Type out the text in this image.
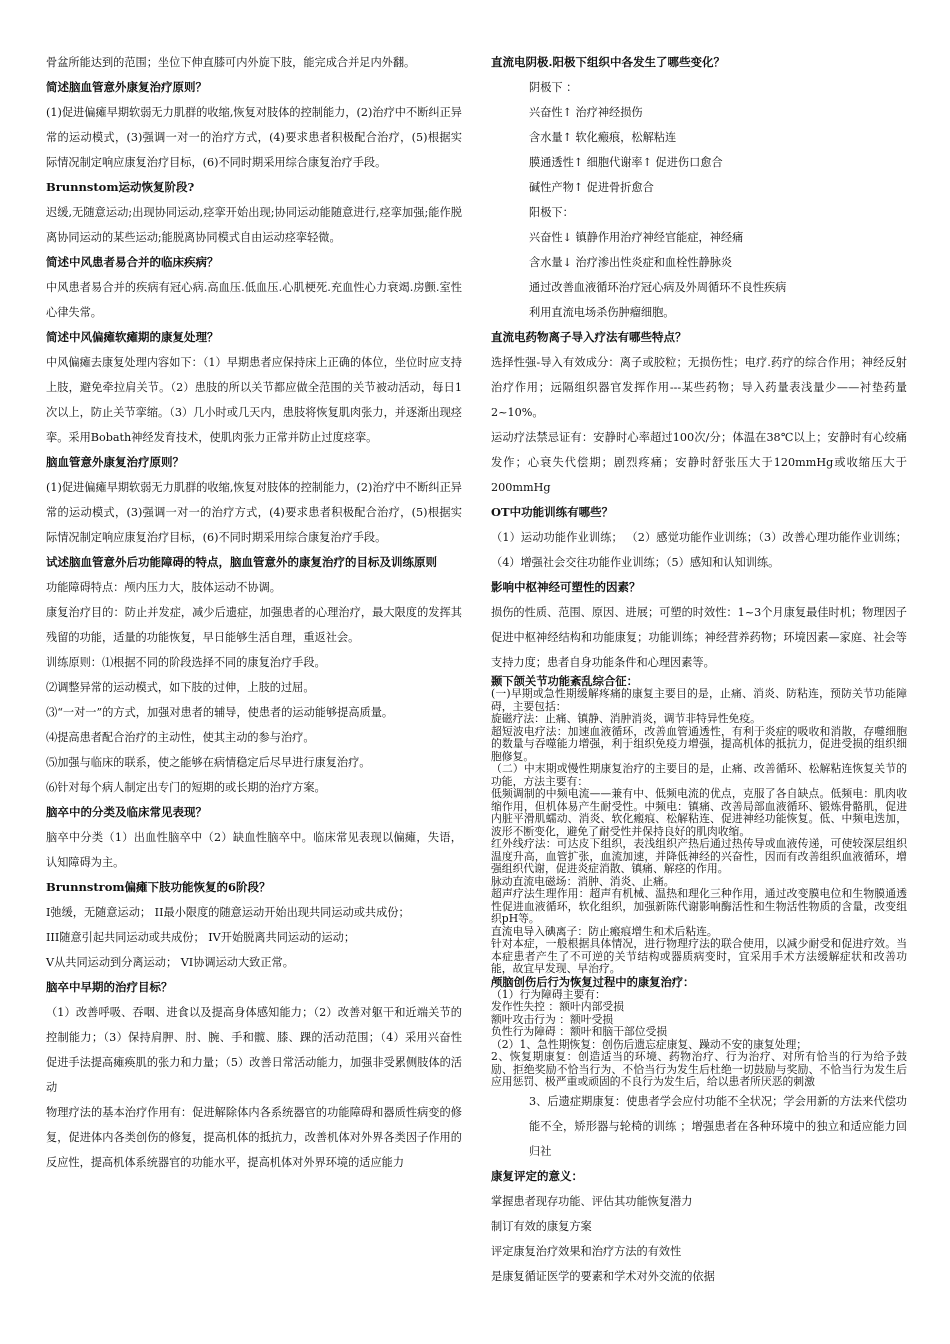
骨盆所能达到的范围；坐位下伸直膝可内外旋下肢，能完成合并足内外翻。
简述脑血管意外康复治疗原则？
(1)促进偏瘫早期软弱无力肌群的收缩,恢复对肢体的控制能力，(2)治疗中不断纠正异常的运动模式，(3)强调一对一的治疗方式，(4)要求患者积极配合治疗，(5)根据实际情况制定响应康复治疗目标，(6)不同时期采用综合康复治疗手段。
Brunnstom运动恢复阶段?
迟缓,无随意运动;出现协同运动,痉挛开始出现;协同运动能随意进行,痉挛加强;能作脱离协同运动的某些运动;能脱离协同模式自由运动痉挛轻微。
简述中风患者易合并的临床疾病？
中风患者易合并的疾病有冠心病.高血压.低血压.心肌梗死.充血性心力衰竭.房颤.室性心律失常。
简述中风偏瘫软瘫期的康复处理？
中风偏瘫去康复处理内容如下：（1）早期患者应保持床上正确的体位，坐位时应支持上肢，避免牵拉肩关节。（2）患肢的所以关节都应做全范围的关节被动活动，每日1次以上，防止关节挛缩。（3）几小时或几天内，患肢将恢复肌肉张力，并逐渐出现痉挛。采用Bobath神经发育技术，使肌肉张力正常并防止过度痉挛。
脑血管意外康复治疗原则？
(1)促进偏瘫早期软弱无力肌群的收缩,恢复对肢体的控制能力，(2)治疗中不断纠正异常的运动模式，(3)强调一对一的治疗方式，(4)要求患者积极配合治疗，(5)根据实际情况制定响应康复治疗目标，(6)不同时期采用综合康复治疗手段。
试述脑血管意外后功能障碍的特点，脑血管意外的康复治疗的目标及训练原则
功能障碍特点：颅内压力大，肢体运动不协调。
康复治疗目的：防止并发症，减少后遗症，加强患者的心理治疗，最大限度的发挥其残留的功能，适量的功能恢复，早日能够生活自理，重返社会。
训练原则：⑴根据不同的阶段选择不同的康复治疗手段。
⑵调整异常的运动模式，如下肢的过伸，上肢的过屈。
⑶“一对一”的方式，加强对患者的辅导，使患者的运动能够提高质量。
⑷提高患者配合治疗的主动性，使其主动的参与治疗。
⑸加强与临床的联系，使之能够在病情稳定后尽早进行康复治疗。
⑹针对每个病人制定出专门的短期的或长期的治疗方案。
脑卒中的分类及临床常见表现？
脑卒中分类（1）出血性脑卒中（2）缺血性脑卒中。临床常见表现以偏瘫，失语，认知障碍为主。
Brunnstrom偏瘫下肢功能恢复的6阶段？
I弛缓，无随意运动； II最小限度的随意运动开始出现共同运动或共成份；
III随意引起共同运动或共成份； IV开始脱离共同运动的运动；
V从共同运动到分离运动； VI协调运动大致正常。
脑卒中早期的治疗目标？
（1）改善呼吸、吞咽、进食以及提高身体感知能力；（2）改善对躯干和近端关节的控制能力；（3）保持肩胛、肘、腕、手和髋、膝、踝的活动范围；（4）采用兴奋性促进手法提高瘫痪肌的张力和力量；（5）改善日常活动能力，加强非受累侧肢体的活动
物理疗法的基本治疗作用有：促进解除体内各系统器官的功能障碍和器质性病变的修复，促进体内各类创伤的修复，提高机体的抵抗力，改善机体对外界各类因子作用的反应性，提高机体系统器官的功能水平，提高机体对外界环境的适应能力
直流电阴极.阳极下组织中各发生了哪些变化？
阴极下 ：
兴奋性↑ 治疗神经损伤
含水量↑ 软化瘢痕，松解粘连
膜通透性↑ 细胞代谢率↑ 促进伤口愈合
碱性产物↑ 促进骨折愈合
阳极下：
兴奋性↓ 镇静作用治疗神经官能症，神经痛
含水量↓ 治疗渗出性炎症和血栓性静脉炎
通过改善血液循环治疗冠心病及外周循环不良性疾病
利用直流电场杀伤肿瘤细胞。
直流电药物离子导入疗法有哪些特点？
选择性强-导入有效成分：离子或胶粒；无损伤性；电疗.药疗的综合作用；神经反射治疗作用；远隔组织器官发挥作用---某些药物；导入药量表浅量少——衬垫药量2~10%。
运动疗法禁忌证有：安静时心率超过100次/分；体温在38℃以上；安静时有心绞痛发作；心衰失代偿期；剧烈疼痛；安静时舒张压大于120mmHg或收缩压大于200mmHg
OT中功能训练有哪些？
（1）运动功能作业训练； （2）感觉功能作业训练；（3）改善心理功能作业训练； （4）增强社会交往功能作业训练；（5）感知和认知训练。
影响中枢神经可塑性的因素？
损伤的性质、范围、原因、进展；可塑的时效性：1~3个月康复最佳时机；物理因子促进中枢神经结构和功能康复；功能训练；神经营养药物；环境因素—家庭、社会等支持力度；患者自身功能条件和心理因素等。
颞下颌关节功能紊乱综合征：
(一)早期或急性期缓解疼痛的康复主要目的是，止痛、消炎、防粘连，预防关节功能障碍，主要包括：
旋磁疗法：止痛、镇静、消肿消炎，调节非特异性免疫。
超短波电疗法：加速血液循环，改善血管通透性，有利于炎症的吸收和消散，存噬细胞的数量与吞噬能力增强，利于组织免疫力增强，提高机体的抵抗力，促进受损的组织细胞修复。
（二）中末期或慢性期康复治疗的主要目的是，止痛、改善循环、松解粘连恢复关节的功能，方法主要有：
低频调制的中频电流——兼有中、低频电流的优点，克服了各自缺点。低频电：肌肉收缩作用，但机体易产生耐受性。中频电：镇痛、改善局部血液循环、锻炼骨骼肌，促进内脏平滑肌蠕动、消炎、软化瘢痕、松解粘连、促进神经功能恢复。低、中频电迭加，波形不断变化，避免了耐受性并保持良好的肌肉收缩。
红外线疗法：可达皮下组织，表浅组织产热后通过热传导或血液传递，可使较深层组织温度升高，血管扩张，血流加速，并降低神经的兴奋性，因而有改善组织血液循环，增强组织代谢，促进炎症消散、镇痛、解痉的作用。
脉动直流电磁场：消肿、消炎、止痛。
超声疗法生理作用：超声有机械、温热和理化三种作用，通过改变膜电位和生物膜通透性促进血液循环，软化组织，加强新陈代谢影响酶活性和生物活性物质的含量，改变组织pH等。
直流电导入碘离子：防止瘢痕增生和术后粘连。
针对本症，一般根据具体情况，进行物理疗法的联合使用，以减少耐受和促进疗效。当本症患者产生了不可逆的关节结构或器质病变时，宜采用手术方法缓解症状和改善功能，故宜早发现、早治疗。
颅脑创伤后行为恢复过程中的康复治疗：
（1）行为障碍主要有：
发作性失控 ：额叶内部受损
额叶攻击行为 ：额叶受损
负性行为障碍 ：额叶和脑干部位受损
（2）1、急性期恢复：创伤后遗忘症康复、躁动不安的康复处理；
2、恢复期康复：创造适当的环境、药物治疗、行为治疗、对所有恰当的行为给予鼓励、拒绝奖励不恰当行为、不恰当行为发生后杜绝一切鼓励与奖励、不恰当行为发生后应用惩罚、极严重或顽固的不良行为发生后，给以患者所厌恶的刺激
3、后遗症期康复：使患者学会应付功能不全状况；学会用新的方法来代偿功能不全，矫形器与轮椅的训练 ；增强患者在各种环境中的独立和适应能力回归社
康复评定的意义：
掌握患者现存功能、评估其功能恢复潜力
制订有效的康复方案
评定康复治疗效果和治疗方法的有效性
是康复循证医学的要素和学术对外交流的依据
